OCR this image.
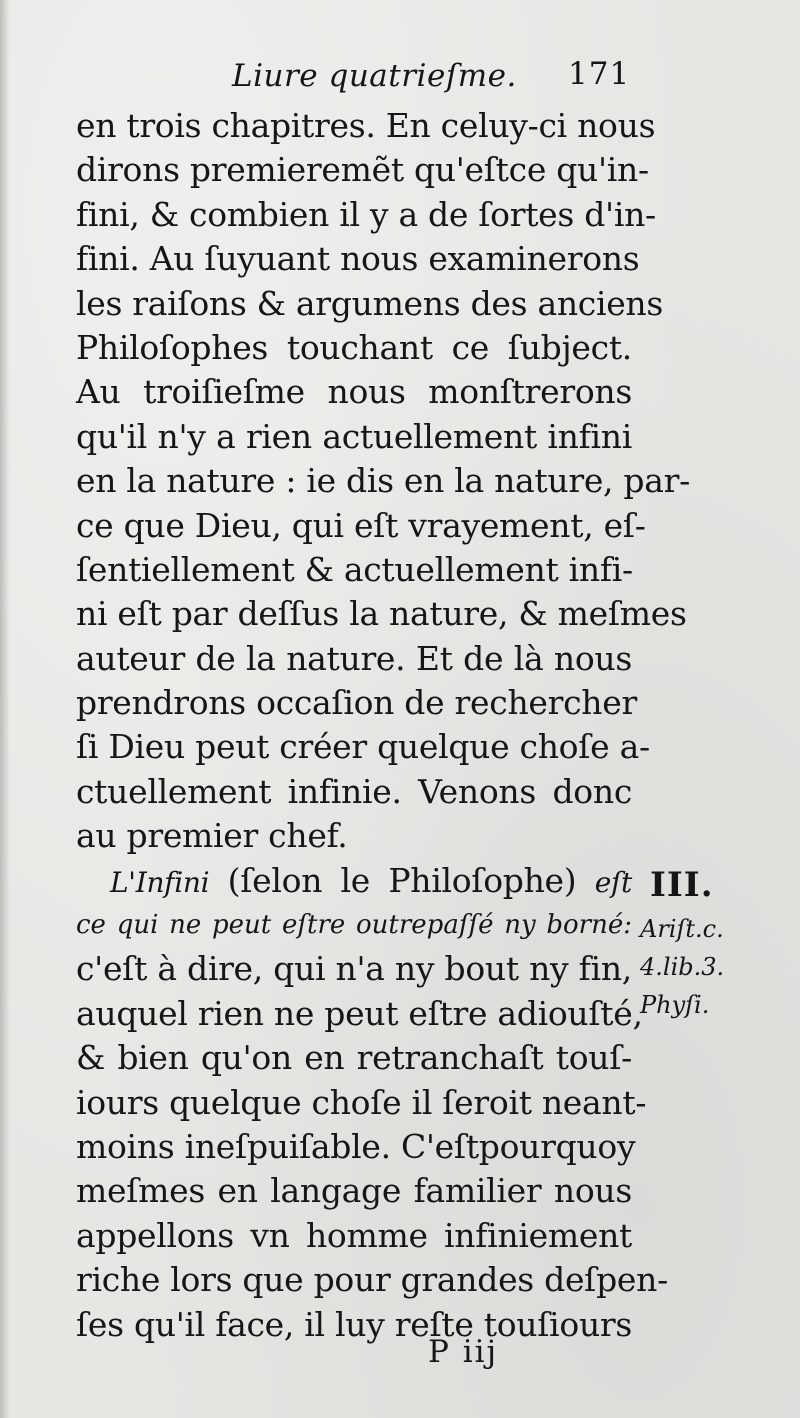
Liure quatrieſme. 171
en trois chapitres. En celuy-ci nous
dirons premieremẽt qu'eſtce qu'in-
fini, & combien il y a de ſortes d'in-
fini. Au ſuyuant nous examinerons
les raiſons & argumens des anciens
Philoſophes touchant ce ſubject.
Au troiſieſme nous monſtrerons
qu'il n'y a rien actuellement infini
en la nature : ie dis en la nature, par-
ce que Dieu, qui eſt vrayement, eſ-
ſentiellement & actuellement infi-
ni eſt par deſſus la nature, & meſmes
auteur de la nature. Et de là nous
prendrons occaſion de rechercher
ſi Dieu peut créer quelque choſe a-
ctuellement infinie. Venons donc
au premier chef.
L'Infini (ſelon le Philoſophe) eſt
ce qui ne peut eſtre outrepaſſé ny borné:
c'eſt à dire, qui n'a ny bout ny fin,
auquel rien ne peut eſtre adiouſté,
& bien qu'on en retranchaſt touſ-
iours quelque choſe il ſeroit neant-
moins ineſpuiſable. C'eſtpourquoy
meſmes en langage familier nous
appellons vn homme infiniement
riche lors que pour grandes deſpen-
ſes qu'il face, il luy reſte touſiours
III.
Ariſt.c.
4.lib.3.
Phyſi.
P iij
